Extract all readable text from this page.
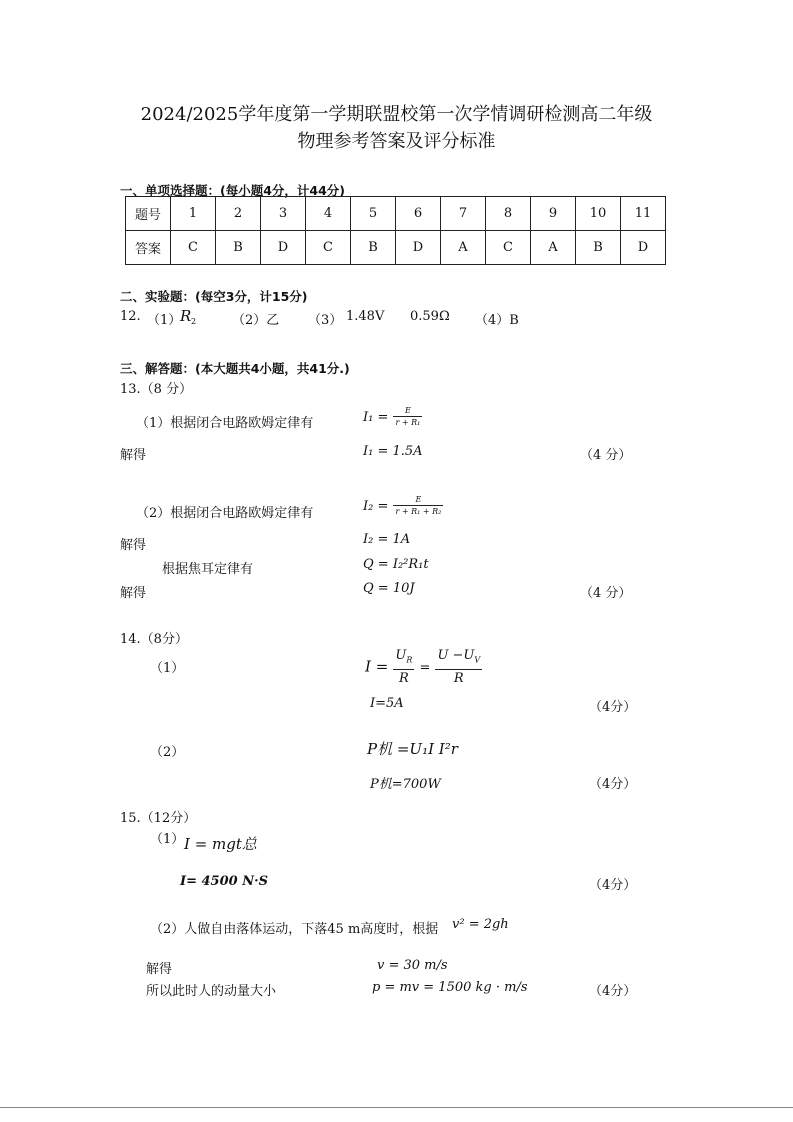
2024/2025学年度第一学期联盟校第一次学情调研检测高二年级
物理参考答案及评分标准
一、单项选择题：(每小题4分，计44分)
题号	1	2	3	4	5	6	7	8	9	10	11
答案	C	B	D	C	B	D	A	C	A	B	D
二、实验题：(每空3分，计15分)
12. （1）
R 2	（2）乙 （3） 1.48V 0.59Ω （4）B
三、解答题：(本大题共4小题，共41分.)
13.（8 分）
（1）根据闭合电路欧姆定律有	$I_1 = \frac{E}{\text{r + R₁}}$
解得	I₁ = 1.5A	（4 分）
（2）根据闭合电路欧姆定律有	$I_2 = \frac{E}{\text{r + R₁ + R₂}}$
解得	I₂ = 1A
根据焦耳定律有	Q = I₂²R₁t
解得	Q = 10J	（4 分）
14.（8分）
（1）	$I = \frac{U_R}{R} = \frac{U -U_V}{R}$
I=5A	（4分）
（2）	P机 =U₁I I²r
P机=700W	（4分）
15.（12分）
（1） I = mgt总
I= 4500 N·S	（4分）
（2）人做自由落体运动，下落45 m高度时，根据 v² = 2gh
解得	v = 30 m/s
所以此时人的动量大小	p = mv = 1500 kg · m/s	（4分）
